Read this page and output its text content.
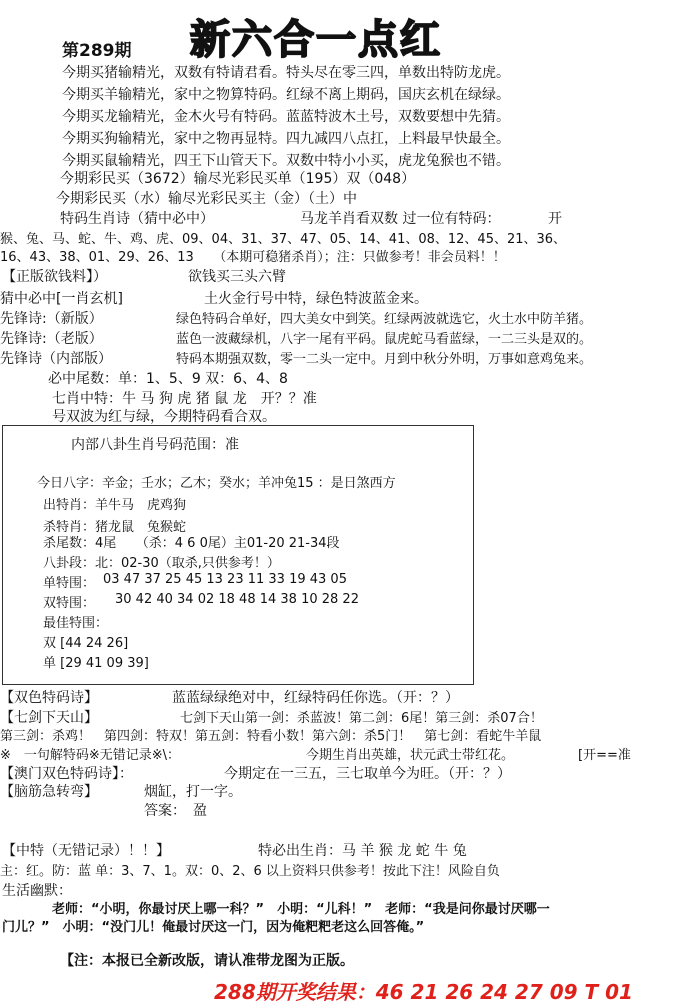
第289期 新六合一点红
今期买猪输精光，双数有特请君看。特头尽在零三四，单数出特防龙虎。
今期买羊输精光，家中之物算特码。红绿不离上期码，国庆玄机在绿绿。
今期买龙输精光，金木火号有特码。蓝蓝特波木土号，双数要想中先猜。
今期买狗输精光，家中之物再显特。四九减四八点扛，上料最早快最全。
今期买鼠输精光，四王下山管天下。双数中特小小买，虎龙兔猴也不错。
今期彩民买（3672）输尽光彩民买单（195）双（048）
今期彩民买（水）输尽光彩民买主（金）（土）中
特码生肖诗（猜中必中）	马龙羊肖看双数 过一位有特码：	开
猴、兔、马、蛇、牛、鸡、虎、09、04、31、37、47、05、14、41、08、12、45、21、36、
16、43、38、01、29、26、13　　（本期可稳猪杀肖）；注：只做参考！非会员料！！
【正版欲钱料】）	欲钱买三头六臂
猜中必中[一肖玄机]	土火金行号中特，绿色特波蓝金来。
先锋诗:（新版）	绿色特码合单好，四大美女中到笑。红绿两波就选它，火土水中防羊猪。
先锋诗:（老版）	蓝色一波藏绿机，八字一尾有平码。鼠虎蛇马看蓝绿，一二三头是双的。
先锋诗（内部版）	特码本期强双数，零一二头一定中。月到中秋分外明，万事如意鸡兔来。
必中尾数：单：1、5、9 双：6、4、8
七肖中特：牛 马 狗 虎 猪 鼠 龙　开？？准
号双波为红与绿，今期特码看合双。
内部八卦生肖号码范围：准
今日八字：辛金；壬水；乙木；癸水；羊冲兔15 ：是日煞西方
出特肖：羊牛马　虎鸡狗
杀特肖：猪龙鼠　兔猴蛇
杀尾数：4尾　　（杀：4 6 0尾）主01-20 21-34段
八卦段：北：02-30（取杀,只供参考！）
单特围： 03 47 37 25 45 13 23 11 33 19 43 05
双特围： 30 42 40 34 02 18 48 14 38 10 28 22
最佳特围：
双 [44 24 26]
单 [29 41 09 39]
【双色特码诗】	蓝蓝绿绿绝对中，红绿特码任你选。（开：？）
【七剑下天山】	七剑下天山第一剑：杀蓝波！第二剑：6尾！第三剑：杀07合！
第三剑：杀鸡！　第四剑：特双！第五剑：特看小数！第六剑：杀5门！　第七剑：看蛇牛羊鼠
※　一句解特码※无错记录※\：	今期生肖出英雄，状元武士带红花。	[开==准
【澳门双色特码诗】：	今期定在一三五，三七取单今为旺。（开：？）
【脑筋急转弯】	烟缸，打一字。
答案：　盈
【中特（无错记录）！！】	特必出生肖：马 羊 猴 龙 蛇 牛 兔
主：红。防：蓝 单：3、7、1。双：0、2、6 以上资料只供参考！按此下注！风险自负
生活幽默：
老师：“小明，你最讨厌上哪一科？”　小明：“儿科！”　老师：“我是问你最讨厌哪一
门儿？”　小明：“没门儿！俺最讨厌这一门，因为俺粑粑老这么回答俺。”
【注：本报已全新改版，请认准带龙图为正版。
288期开奖结果：46 21 26 24 27 09 T 01
